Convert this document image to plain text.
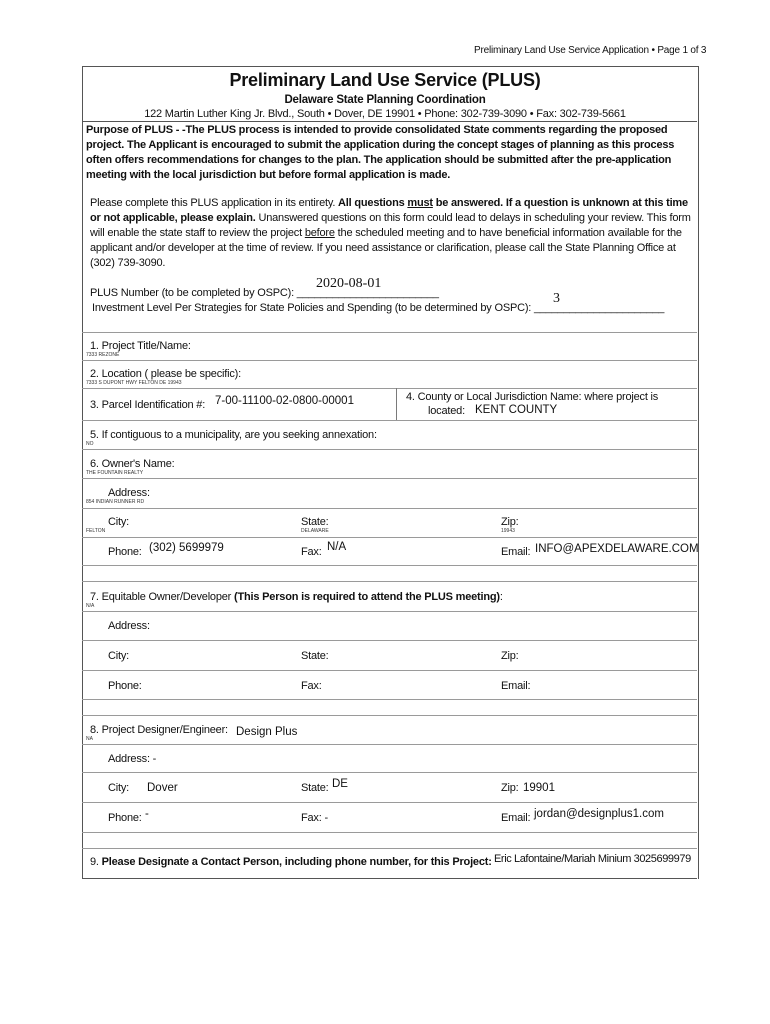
Preliminary Land Use Service Application • Page 1 of 3
Preliminary Land Use Service (PLUS)
Delaware State Planning Coordination
122 Martin Luther King Jr. Blvd., South • Dover, DE 19901 • Phone: 302-739-3090 • Fax: 302-739-5661
Purpose of PLUS - -The PLUS process is intended to provide consolidated State comments regarding the proposed
project. The Applicant is encouraged to submit the application during the concept stages of planning as this process
often offers recommendations for changes to the plan. The application should be submitted after the pre-application
meeting with the local jurisdiction but before formal application is made.
Please complete this PLUS application in its entirety. All questions must be answered. If a question is unknown at this time
or not applicable, please explain. Unanswered questions on this form could lead to delays in scheduling your review. This form
will enable the state staff to review the project before the scheduled meeting and to have beneficial information available for the
applicant and/or developer at the time of review. If you need assistance or clarification, please call the State Planning Office at
(302) 739-3090.
2020-08-01
PLUS Number (to be completed by OSPC): ________________________	3
Investment Level Per Strategies for State Policies and Spending (to be determined by OSPC): ______________________
1. Project Title/Name:
7333 REZONE
2. Location ( please be specific):
7333 S DUPONT HWY FELTON DE 19943
3. Parcel Identification #: 7-00-11100-02-0800-00001	4. County or Local Jurisdiction Name: where project is
located: KENT COUNTY
5. If contiguous to a municipality, are you seeking annexation:
NO
6. Owner's Name:
THE FOUNTAIN REALTY
Address:
854 INDIAN RUNNER RD
City:
FELTON
State:
DELAWARE
Zip:
19943
Phone: (302) 5699979	Fax: N/A	Email: INFO@APEXDELAWARE.COM
7. Equitable Owner/Developer (This Person is required to attend the PLUS meeting):
N/A
Address:
City:	State:	Zip:
Phone:	Fax:	Email:
8. Project Designer/Engineer: Design Plus
NA
Address: -
City: Dover	State: DE	Zip: 19901
Phone: -	Fax: -	Email: jordan@designplus1.com
9. Please Designate a Contact Person, including phone number, for this Project: Eric Lafontaine/Mariah Minium 3025699979
